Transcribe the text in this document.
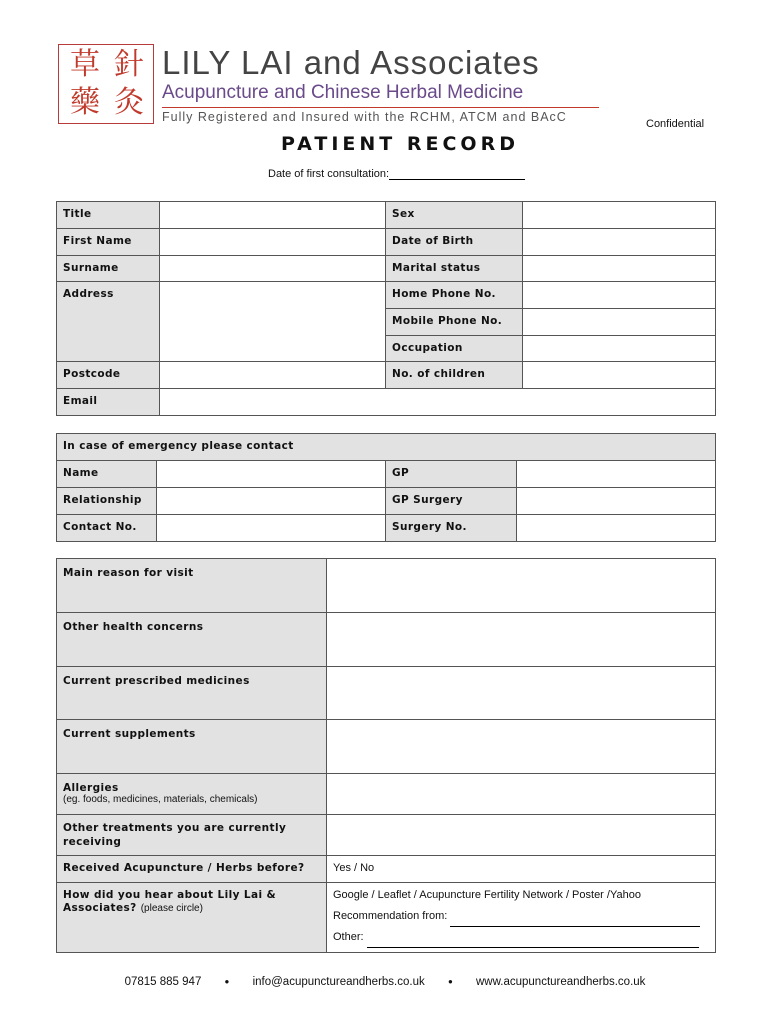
草 針
藥 灸
LILY LAI and Associates
Acupuncture and Chinese Herbal Medicine
Fully Registered and Insured with the RCHM, ATCM and BAcC	Confidential
PATIENT RECORD
Date of first consultation:
Title		Sex	
First Name		Date of Birth	
Surname		Marital status	
Address		Home Phone No.	
		Mobile Phone No.	
		Occupation	
Postcode		No. of children	
Email			
In case of emergency please contact			
Name		GP	
Relationship		GP Surgery	
Contact No.		Surgery No.	
Main reason for visit	
Other health concerns	
Current prescribed medicines	
Current supplements	

Allergies
(eg. foods, medicines, materials, chemicals)	

Other treatments you are currently receiving	
Received Acupuncture / Herbs before?	Yes / No
How did you hear about Lily Lai & Associates? (please circle)	Google / Leaflet / Acupuncture Fertility Network / Poster /Yahoo
Recommendation from:
Other:
07815 885 947	● info@acupunctureandherbs.co.uk	● www.acupunctureandherbs.co.uk
